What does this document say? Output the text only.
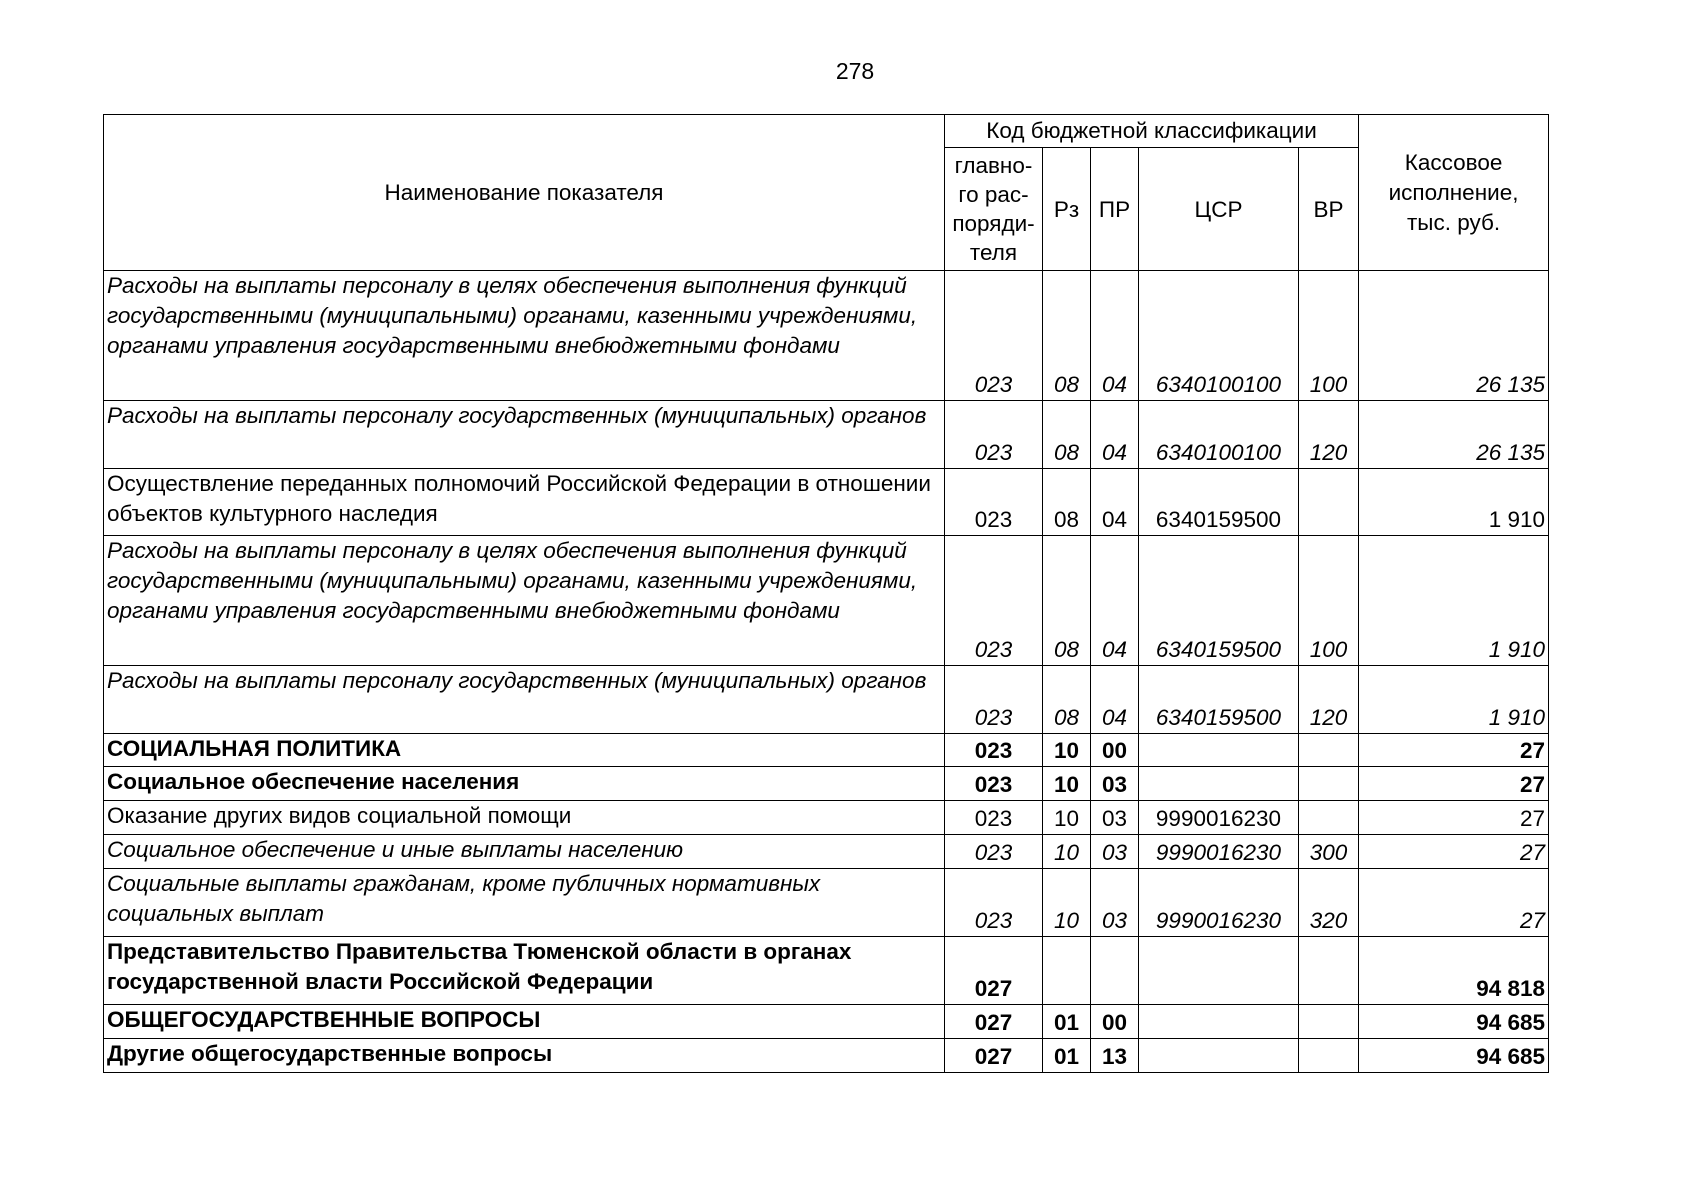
278
Наименование показателя	Код бюджетной классификации					Кассовое исполнение, тыс. руб.
	главно-го рас-поряди-теля	Рз	ПР	ЦСР	ВР	
Расходы на выплаты персоналу в целях обеспечения выполнения функций государственными (муниципальными) органами, казенными учреждениями, органами управления государственными внебюджетными фондами	023	08	04	6340100100	100	26 135
Расходы на выплаты персоналу государственных (муниципальных) органов	023	08	04	6340100100	120	26 135
Осуществление переданных полномочий Российской Федерации в отношении объектов культурного наследия	023	08	04	6340159500		1 910
Расходы на выплаты персоналу в целях обеспечения выполнения функций государственными (муниципальными) органами, казенными учреждениями, органами управления государственными внебюджетными фондами	023	08	04	6340159500	100	1 910
Расходы на выплаты персоналу государственных (муниципальных) органов	023	08	04	6340159500	120	1 910
СОЦИАЛЬНАЯ ПОЛИТИКА	023	10	00			27
Социальное обеспечение населения	023	10	03			27
Оказание других видов социальной помощи	023	10	03	9990016230		27
Социальное обеспечение и иные выплаты населению	023	10	03	9990016230	300	27
Социальные выплаты гражданам, кроме публичных нормативных социальных выплат	023	10	03	9990016230	320	27
Представительство Правительства Тюменской области в органах государственной власти Российской Федерации	027					94 818
ОБЩЕГОСУДАРСТВЕННЫЕ ВОПРОСЫ	027	01	00			94 685
Другие общегосударственные вопросы	027	01	13			94 685
